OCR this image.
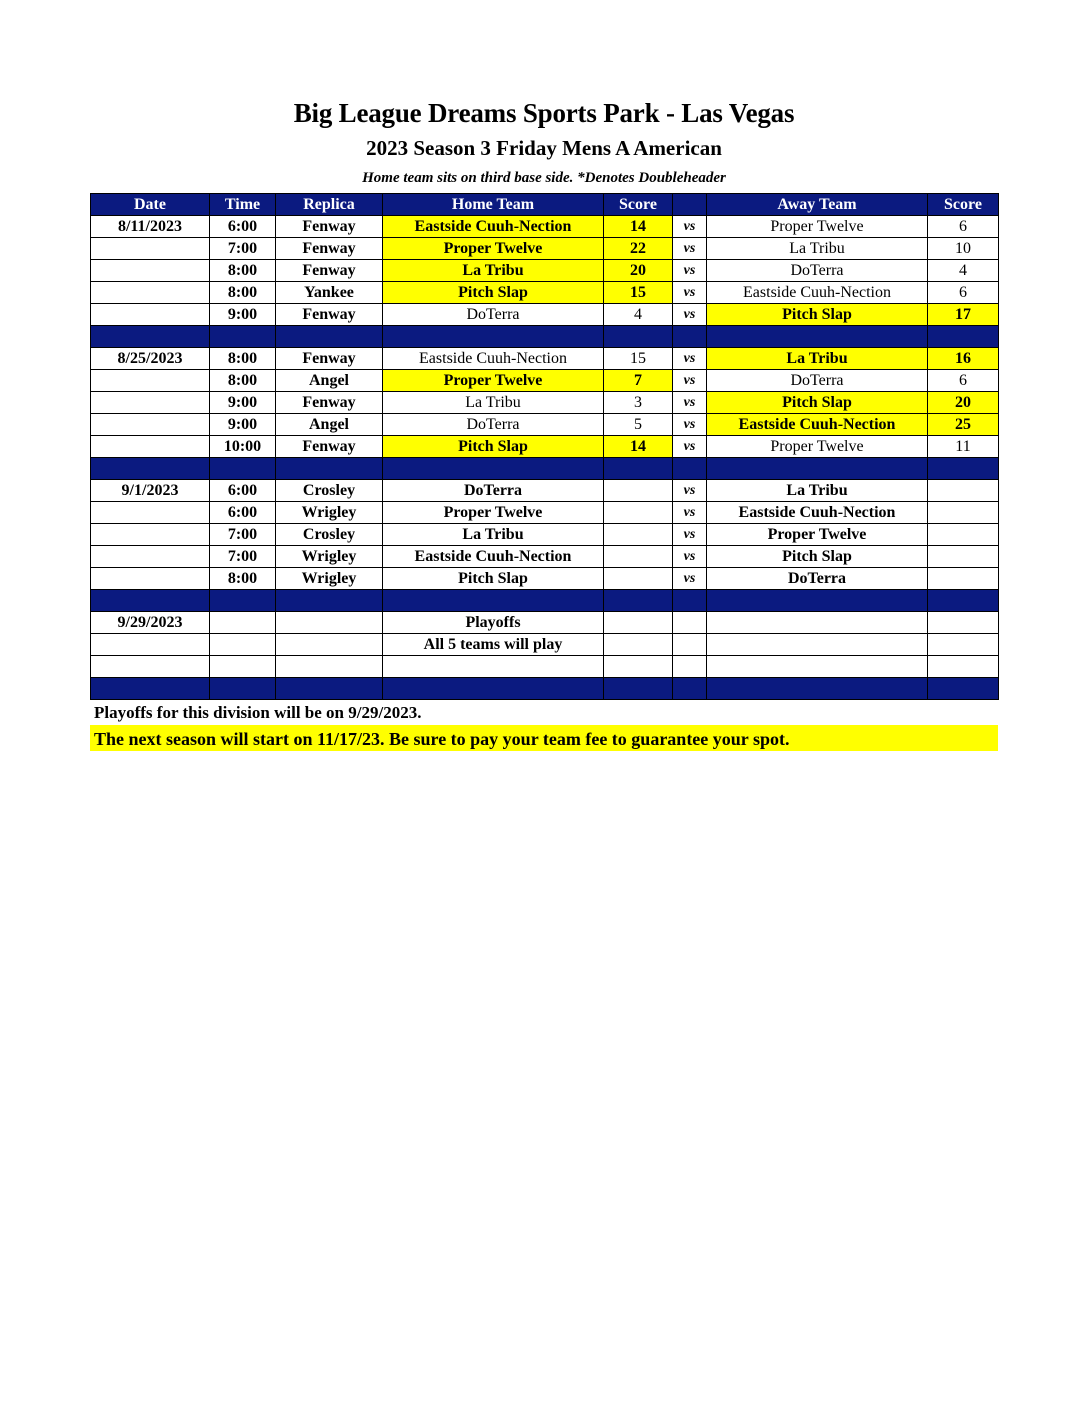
Big League Dreams Sports Park - Las Vegas
2023 Season 3 Friday Mens A American
Home team sits on third base side. *Denotes Doubleheader
Date	Time	Replica	Home Team	Score		Away Team	Score
8/11/2023	6:00	Fenway	Eastside Cuuh-Nection	14	vs	Proper Twelve	6
	7:00	Fenway	Proper Twelve	22	vs	La Tribu	10
	8:00	Fenway	La Tribu	20	vs	DoTerra	4
	8:00	Yankee	Pitch Slap	15	vs	Eastside Cuuh-Nection	6
	9:00	Fenway	DoTerra	4	vs	Pitch Slap	17

8/25/2023	8:00	Fenway	Eastside Cuuh-Nection	15	vs	La Tribu	16
	8:00	Angel	Proper Twelve	7	vs	DoTerra	6
	9:00	Fenway	La Tribu	3	vs	Pitch Slap	20
	9:00	Angel	DoTerra	5	vs	Eastside Cuuh-Nection	25
	10:00	Fenway	Pitch Slap	14	vs	Proper Twelve	11

9/1/2023	6:00	Crosley	DoTerra		vs	La Tribu	
	6:00	Wrigley	Proper Twelve		vs	Eastside Cuuh-Nection	
	7:00	Crosley	La Tribu		vs	Proper Twelve	
	7:00	Wrigley	Eastside Cuuh-Nection		vs	Pitch Slap	
	8:00	Wrigley	Pitch Slap		vs	DoTerra	

9/29/2023			Playoffs				
			All 5 teams will play				

Playoffs for this division will be on 9/29/2023.
The next season will start on 11/17/23. Be sure to pay your team fee to guarantee your spot.
